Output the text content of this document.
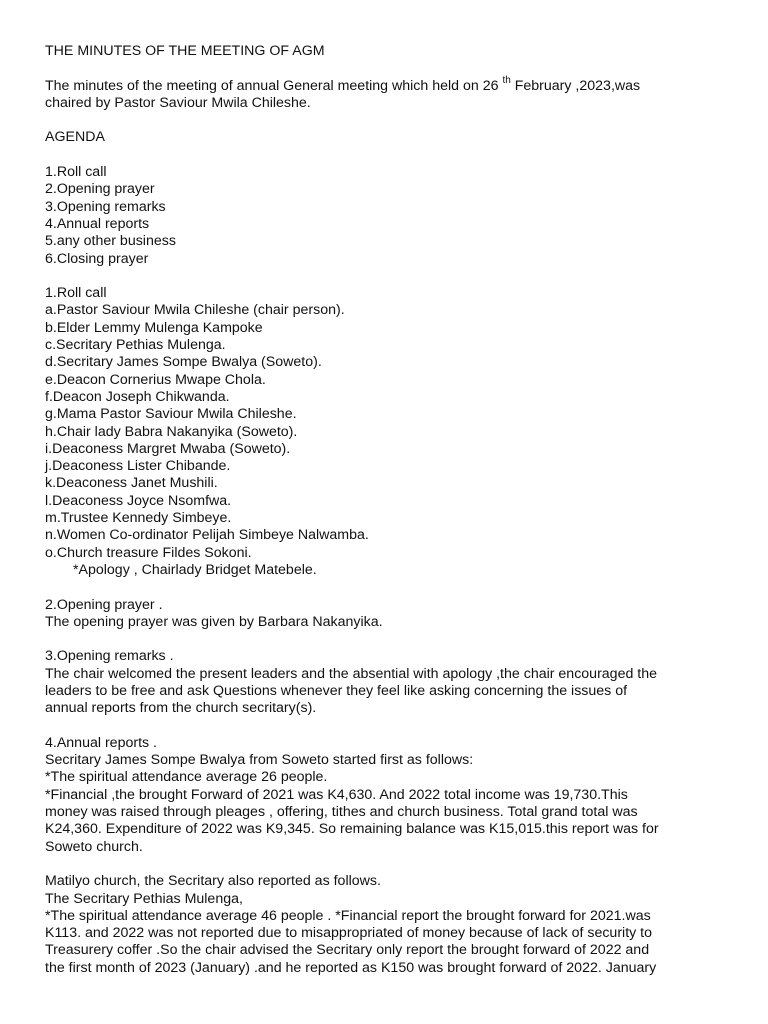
THE MINUTES OF THE MEETING OF AGM
The minutes of the meeting of annual General meeting which held on 26 $^{th}$ February ,2023,was
chaired by Pastor Saviour Mwila Chileshe.
AGENDA
1.Roll call
2.Opening prayer
3.Opening remarks
4.Annual reports
5.any other business
6.Closing prayer
1.Roll call
a.Pastor Saviour Mwila Chileshe (chair person).
b.Elder Lemmy Mulenga Kampoke
c.Secritary Pethias Mulenga.
d.Secritary James Sompe Bwalya (Soweto).
e.Deacon Cornerius Mwape Chola.
f.Deacon Joseph Chikwanda.
g.Mama Pastor Saviour Mwila Chileshe.
h.Chair lady Babra Nakanyika (Soweto).
i.Deaconess Margret Mwaba (Soweto).
j.Deaconess Lister Chibande.
k.Deaconess Janet Mushili.
l.Deaconess Joyce Nsomfwa.
m.Trustee Kennedy Simbeye.
n.Women Co-ordinator Pelijah Simbeye Nalwamba.
o.Church treasure Fildes Sokoni.
*Apology , Chairlady Bridget Matebele.
2.Opening prayer .
The opening prayer was given by Barbara Nakanyika.
3.Opening remarks .
The chair welcomed the present leaders and the absential with apology ,the chair encouraged the
leaders to be free and ask Questions whenever they feel like asking concerning the issues of
annual reports from the church secritary(s).
4.Annual reports .
Secritary James Sompe Bwalya from Soweto started first as follows:
*The spiritual attendance average 26 people.
*Financial ,the brought Forward of 2021 was K4,630. And 2022 total income was 19,730.This
money was raised through pleages , offering, tithes and church business. Total grand total was
K24,360. Expenditure of 2022 was K9,345. So remaining balance was K15,015.this report was for
Soweto church.
Matilyo church, the Secritary also reported as follows.
The Secritary Pethias Mulenga,
*The spiritual attendance average 46 people . *Financial report the brought forward for 2021.was
K113. and 2022 was not reported due to misappropriated of money because of lack of security to
Treasurery coffer .So the chair advised the Secritary only report the brought forward of 2022 and
the first month of 2023 (January) .and he reported as K150 was brought forward of 2022. January
